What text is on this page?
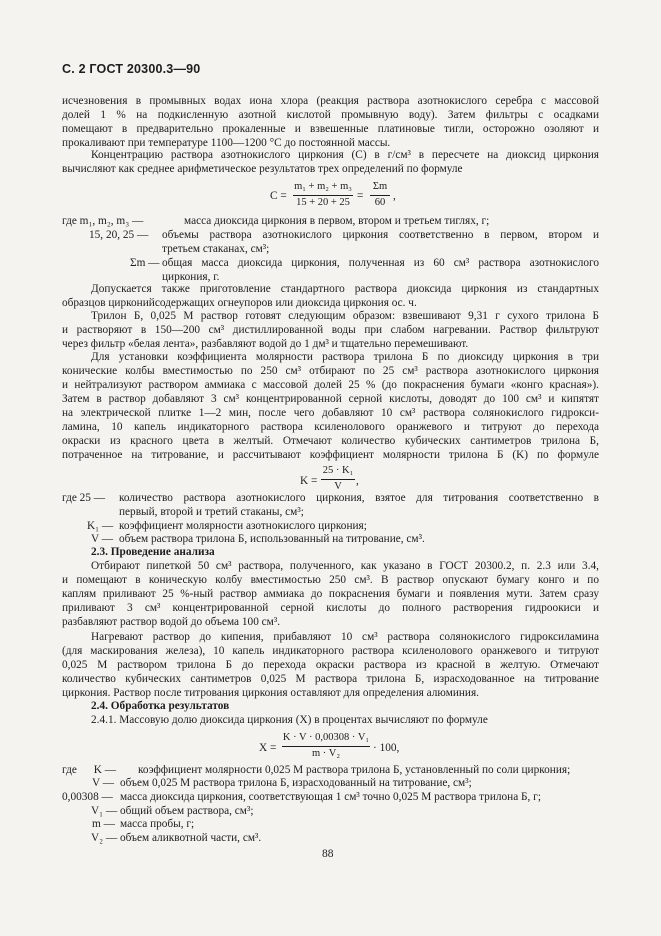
С. 2 ГОСТ 20300.3—90
исчезновения в промывных водах иона хлора (реакция раствора азотнокислого серебра с массовой
долей 1 % на подкисленную азотной кислотой промывную воду). Затем фильтры с осадками
помещают в предварительно прокаленные и взвешенные платиновые тигли, осторожно озоляют и
прокаливают при температуре 1100—1200 °С до постоянной массы.
Концентрацию раствора азотнокислого циркония (C) в г/см³ в пересчете на диоксид циркония
вычисляют как среднее арифметическое результатов трех определений по формуле
C =
m₁ + m₂ + m₃
15 + 20 + 25
=
Σm
60
,
где m₁, m₂, m₃ —	масса диоксида циркония в первом, втором и третьем тиглях, г;
15, 20, 25 — объемы раствора азотнокислого циркония соответственно в первом, втором и
третьем стаканах, см³;
Σm — общая масса диоксида циркония, полученная из 60 см³ раствора азотнокислого
циркония, г.
Допускается также приготовление стандартного раствора диоксида циркония из стандартных
образцов цирконийсодержащих огнеупоров или диоксида циркония ос. ч.
Трилон Б, 0,025 М раствор готовят следующим образом: взвешивают 9,31 г сухого трилона Б
и растворяют в 150—200 см³ дистиллированной воды при слабом нагревании. Раствор фильтруют
через фильтр «белая лента», разбавляют водой до 1 дм³ и тщательно перемешивают.
Для установки коэффициента молярности раствора трилона Б по диоксиду циркония в три
конические колбы вместимостью по 250 см³ отбирают по 25 см³ раствора азотнокислого циркония
и нейтрализуют раствором аммиака с массовой долей 25 % (до покраснения бумаги «конго красная»).
Затем в раствор добавляют 3 см³ концентрированной серной кислоты, доводят до 100 см³ и кипятят
на электрической плитке 1—2 мин, после чего добавляют 10 см³ раствора солянокислого гидрокси-
ламина, 10 капель индикаторного раствора ксиленолового оранжевого и титруют до перехода
окраски из красного цвета в желтый. Отмечают количество кубических сантиметров трилона Б,
потраченное на титрование, и рассчитывают коэффициент молярности трилона Б (K) по формуле
K =
25 · K₁
V	,
где 25 — количество раствора азотнокислого циркония, взятое для титрования соответственно в
первый, второй и третий стаканы, см³;
K₁ — коэффициент молярности азотнокислого циркония;
V — объем раствора трилона Б, использованный на титрование, см³.
2.3. Проведение анализа
Отбирают пипеткой 50 см³ раствора, полученного, как указано в ГОСТ 20300.2, п. 2.3 или 3.4,
и помещают в коническую колбу вместимостью 250 см³. В раствор опускают бумагу конго и по
каплям приливают 25 %-ный раствор аммиака до покраснения бумаги и появления мути. Затем сразу
приливают 3 см³ концентрированной серной кислоты до полного растворения гидроокиси и
разбавляют раствор водой до объема 100 см³.
Нагревают раствор до кипения, прибавляют 10 см³ раствора солянокислого гидроксиламина
(для маскирования железа), 10 капель индикаторного раствора ксиленолового оранжевого и титруют
0,025 М раствором трилона Б до перехода окраски раствора из красной в желтую. Отмечают
количество кубических сантиметров 0,025 М раствора трилона Б, израсходованное на титрование
циркония. Раствор после титрования циркония оставляют для определения алюминия.
2.4. Обработка результатов
2.4.1. Массовую долю диоксида циркония (X) в процентах вычисляют по формуле
X =
K · V · 0,00308 · V₁
m · V₂	· 100,
где      K — коэффициент молярности 0,025 М раствора трилона Б, установленный по соли циркония;
V — объем 0,025 М раствора трилона Б, израсходованный на титрование, см³;
0,00308 — масса диоксида циркония, соответствующая 1 см³ точно 0,025 М раствора трилона Б, г;
V₁ — общий объем раствора, см³;
m — масса пробы, г;
V₂ — объем аликвотной части, см³.
88
